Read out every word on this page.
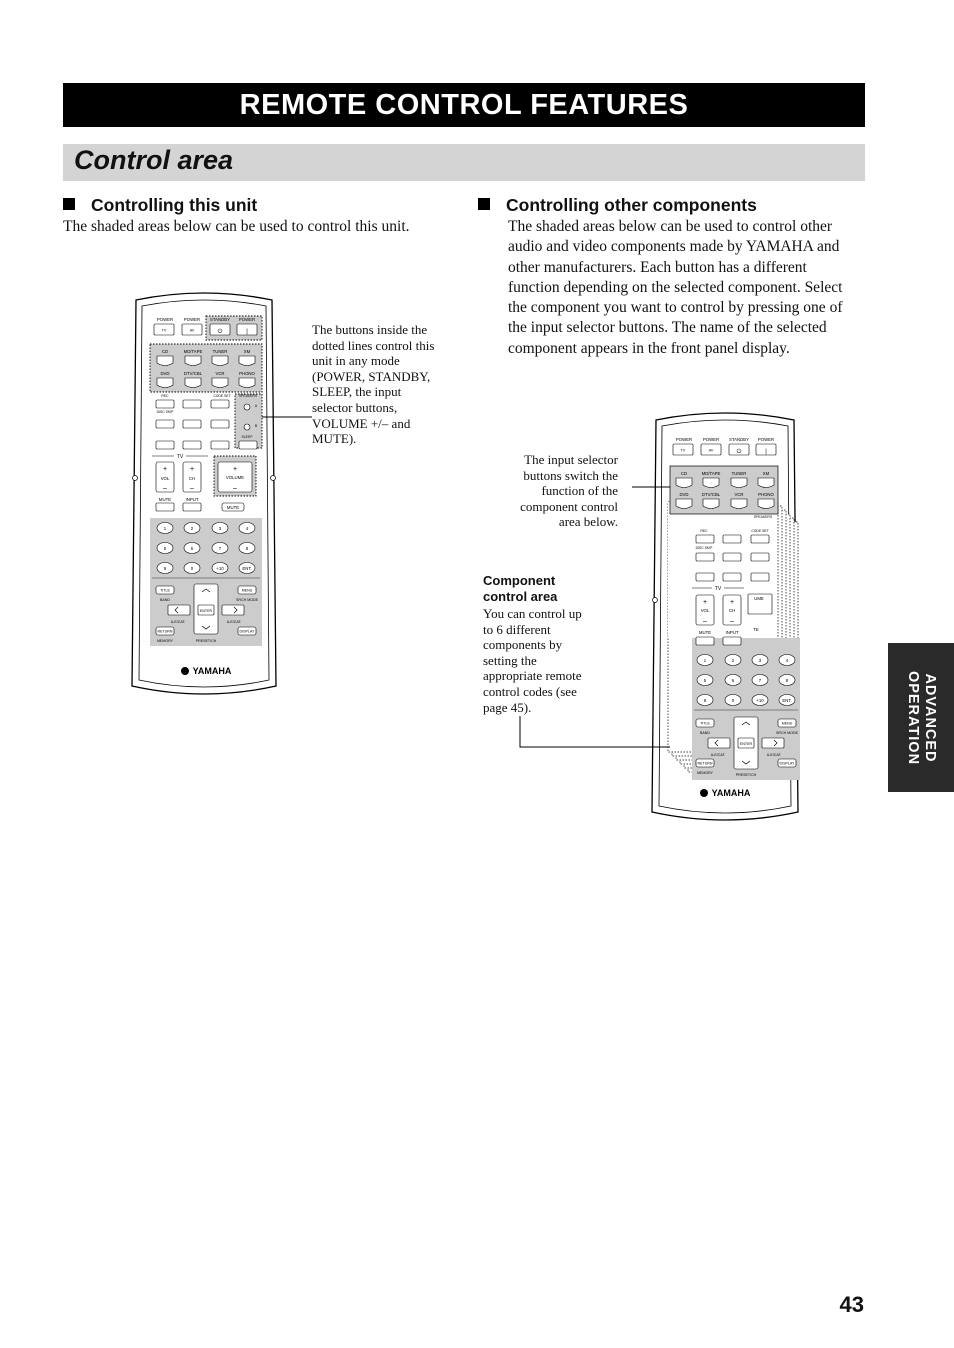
REMOTE CONTROL FEATURES
Control area
Controlling this unit
The shaded areas below can be used to control this unit.
Controlling other components
The shaded areas below can be used to control other
audio and video components made by YAMAHA and
other manufacturers. Each button has a different
function depending on the selected component. Select
the component you want to control by pressing one of
the input selector buttons. The name of the selected
component appears in the front panel display.
The buttons inside the
dotted lines control this
unit in any mode
(POWER, STANDBY,
SLEEP, the input
selector buttons,
VOLUME +/– and
MUTE).
The input selector
buttons switch the
function of the
component control
area below.
Component
control area
You can control up
to 6 different
components by
setting the
appropriate remote
control codes (see
page 45).
POWER	POWER STANDBY POWER
TV	AV	⏻	|
CD	MD/TAPE TUNER	XM
DVD	DTV/CBL	VCR	PHONO
REC	CODE SET SPEAKERS
DISC SKIP
SLEEP
A
B
TV
VOL	CH	VOLUME
MUTE
MUTE	INPUT
+
–
+
–
+
–
1	2	3	4
5	6	7	8
9	0	+10	ENT.
TITLE	MENU
BAND	SRCH MODE
ENTER
A-E/CAT.	A-E/CAT.
RETURN	DISPLAY
MEMORY	PRESET/CH
YAMAHA
POWER	POWER STANDBY POWER
TV	AV	⏻	|
CD	MD/TAPE	TUNER	XM
DVD	DTV/CBL	VCR	PHONO
SPEAKERS
REC	CODE SET
DISC SKIP
TV
VOL	CH
UME
TE
MUTE	INPUT
+
–
+
–
1	2	3	4
5	6	7	8
9	0	+10	ENT.
TITLE	MENU
BAND	SRCH MODE
ENTER
A-E/CAT.	A-E/CAT.
RETURN	DISPLAY
MEMORY	PRESET/CH
YAMAHA
ADVANCED
OPERATION
43
